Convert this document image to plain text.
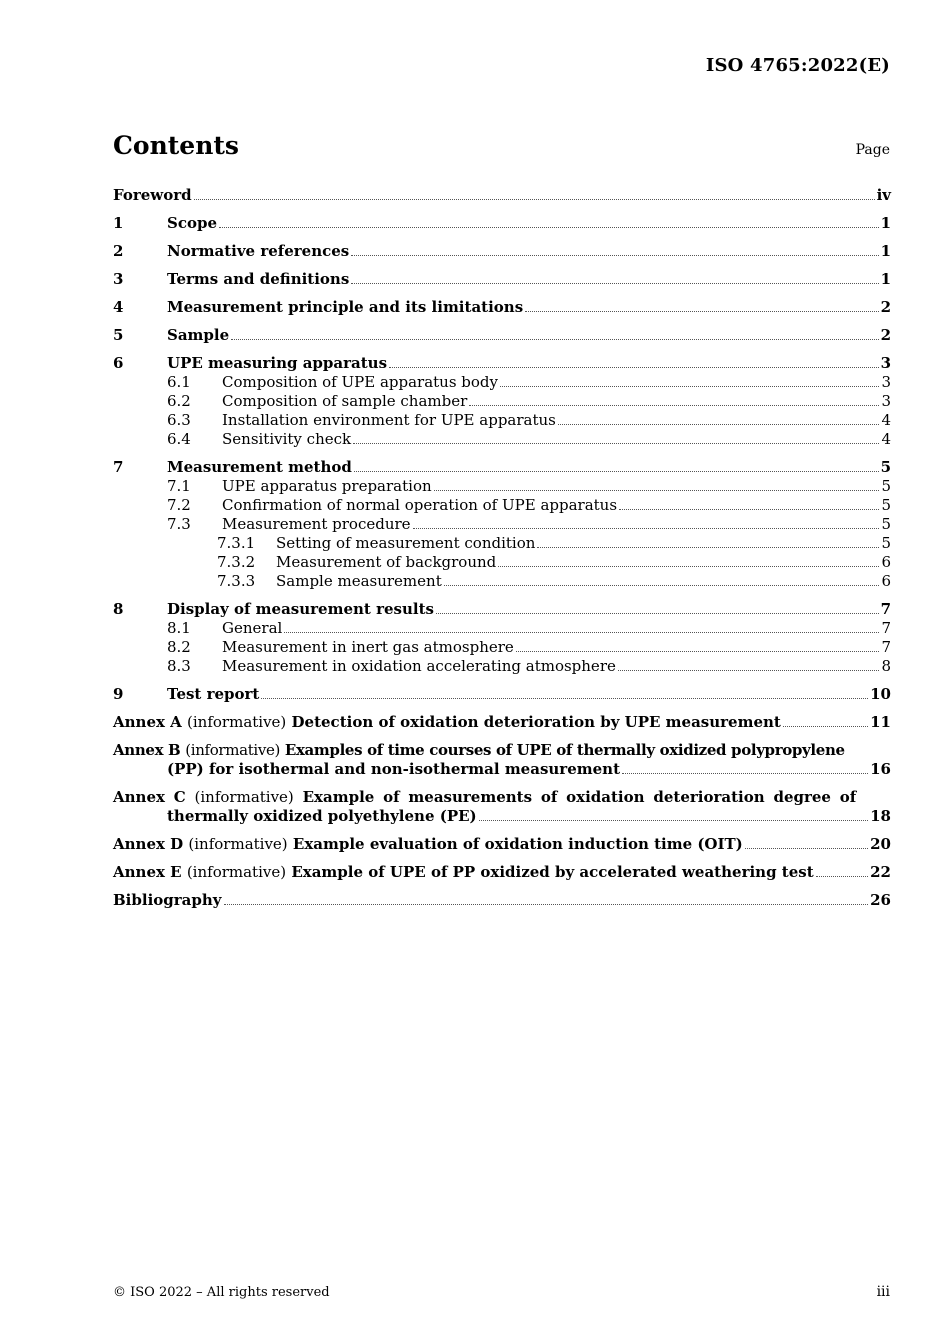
ISO 4765:2022(E)
Contents	Page
Foreword	iv
1	Scope	1
2	Normative references	1
3	Terms and definitions	1
4	Measurement principle and its limitations	2
5	Sample	2
6	UPE measuring apparatus	3
6.1	Composition of UPE apparatus body	3
6.2	Composition of sample chamber	3
6.3	Installation environment for UPE apparatus	4
6.4	Sensitivity check	4
7	Measurement method	5
7.1	UPE apparatus preparation	5
7.2	Confirmation of normal operation of UPE apparatus	5
7.3	Measurement procedure	5
7.3.1	Setting of measurement condition	5
7.3.2	Measurement of background	6
7.3.3	Sample measurement	6
8	Display of measurement results	7
8.1	General	7
8.2	Measurement in inert gas atmosphere	7
8.3	Measurement in oxidation accelerating atmosphere	8
9	Test report	10
Annex A (informative) Detection of oxidation deterioration by UPE measurement	11
Annex B (informative) Examples of time courses of UPE of thermally oxidized polypropylene
(PP) for isothermal and non-isothermal measurement	16
Annex C (informative) Example of measurements of oxidation deterioration degree of
thermally oxidized polyethylene (PE)	18
Annex D (informative) Example evaluation of oxidation induction time (OIT)	20
Annex E (informative) Example of UPE of PP oxidized by accelerated weathering test	22
Bibliography	26
© ISO 2022 – All rights reserved	iii
